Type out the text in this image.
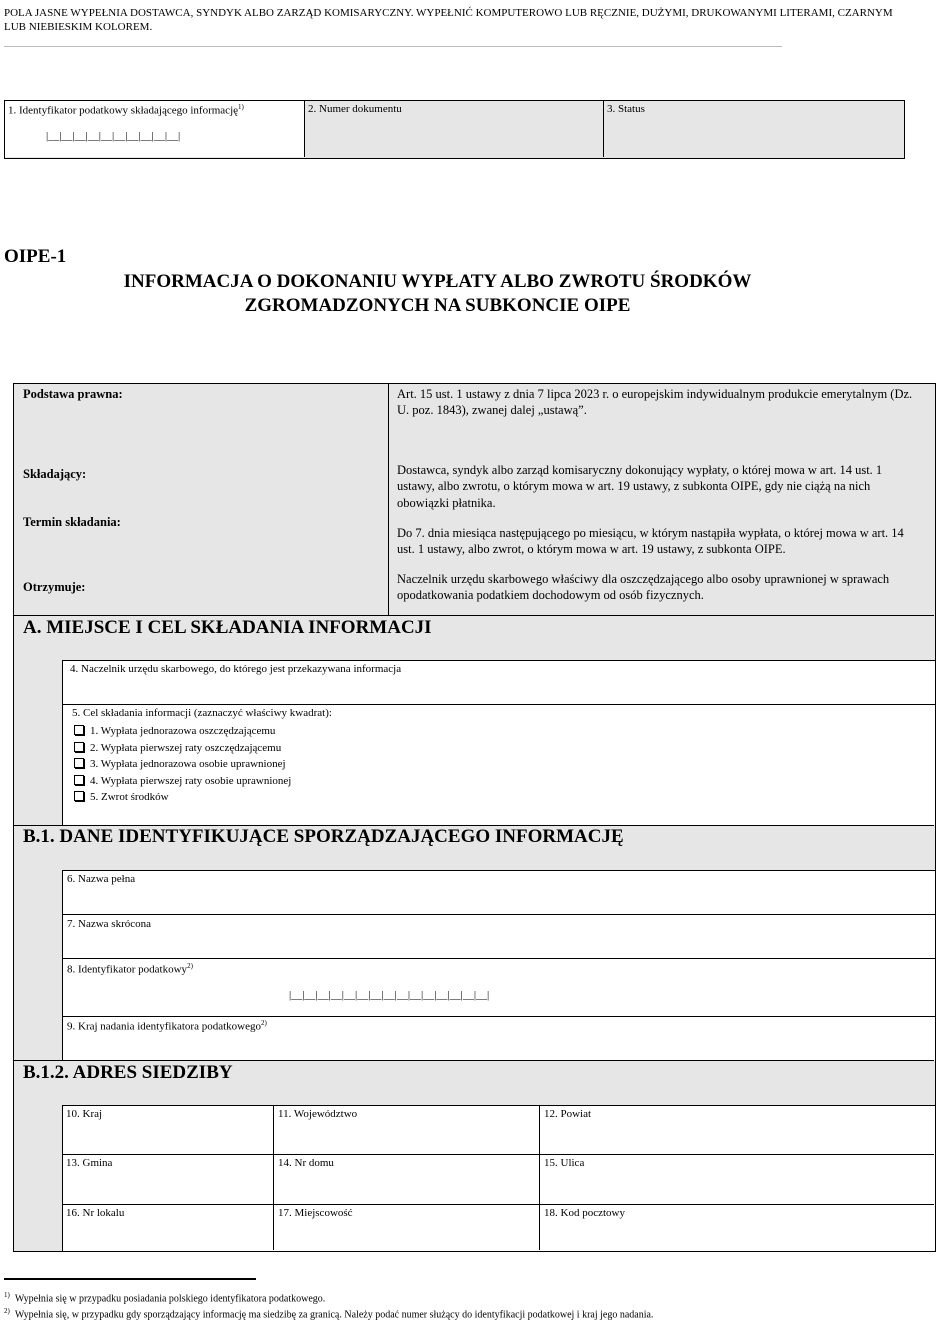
POLA JASNE WYPEŁNIA DOSTAWCA, SYNDYK ALBO ZARZĄD KOMISARYCZNY. WYPEŁNIĆ KOMPUTEROWO LUB RĘCZNIE, DUŻYMI, DRUKOWANYMI LITERAMI, CZARNYM LUB NIEBIESKIM KOLOREM.
1. Identyfikator podatkowy składającego informację$^{1)}$
|__|__|__|__|__|__|__|__|__|__|
2. Numer dokumentu	3. Status
OIPE-1
INFORMACJA O DOKONANIU WYPŁATY ALBO ZWROTU ŚRODKÓW
ZGROMADZONYCH NA SUBKONCIE OIPE
Podstawa prawna:	Art. 15 ust. 1 ustawy z dnia 7 lipca 2023 r. o europejskim indywidualnym produkcie emerytalnym (Dz. U. poz. 1843), zwanej dalej „ustawą”.
Składający:	Dostawca, syndyk albo zarząd komisaryczny dokonujący wypłaty, o której mowa w art. 14 ust. 1 ustawy, albo zwrotu, o którym mowa w art. 19 ustawy, z subkonta OIPE, gdy nie ciążą na nich obowiązki płatnika.
Termin składania:
Do 7. dnia miesiąca następującego po miesiącu, w którym nastąpiła wypłata, o której mowa w art. 14 ust. 1 ustawy, albo zwrot, o którym mowa w art. 19 ustawy, z subkonta OIPE.
Otrzymuje:
Naczelnik urzędu skarbowego właściwy dla oszczędzającego albo osoby uprawnionej w sprawach opodatkowania podatkiem dochodowym od osób fizycznych.
A. MIEJSCE I CEL SKŁADANIA INFORMACJI
4. Naczelnik urzędu skarbowego, do którego jest przekazywana informacja
5. Cel składania informacji (zaznaczyć właściwy kwadrat):
1. Wypłata jednorazowa oszczędzającemu
2. Wypłata pierwszej raty oszczędzającemu
3. Wypłata jednorazowa osobie uprawnionej
4. Wypłata pierwszej raty osobie uprawnionej
5. Zwrot środków
B.1. DANE IDENTYFIKUJĄCE SPORZĄDZAJĄCEGO INFORMACJĘ
6. Nazwa pełna
7. Nazwa skrócona
8. Identyfikator podatkowy$^{2)}$
|__|__|__|__|__|__|__|__|__|__|__|__|__|__|__|
9. Kraj nadania identyfikatora podatkowego$^{2)}$
B.1.2. ADRES SIEDZIBY
10. Kraj	11. Województwo	12. Powiat
13. Gmina	14. Nr domu	15. Ulica
16. Nr lokalu	17. Miejscowość	18. Kod pocztowy
$^{1)}$ Wypełnia się w przypadku posiadania polskiego identyfikatora podatkowego.
$^{2)}$ Wypełnia się, w przypadku gdy sporządzający informację ma siedzibę za granicą. Należy podać numer służący do identyfikacji podatkowej i kraj jego nadania.
